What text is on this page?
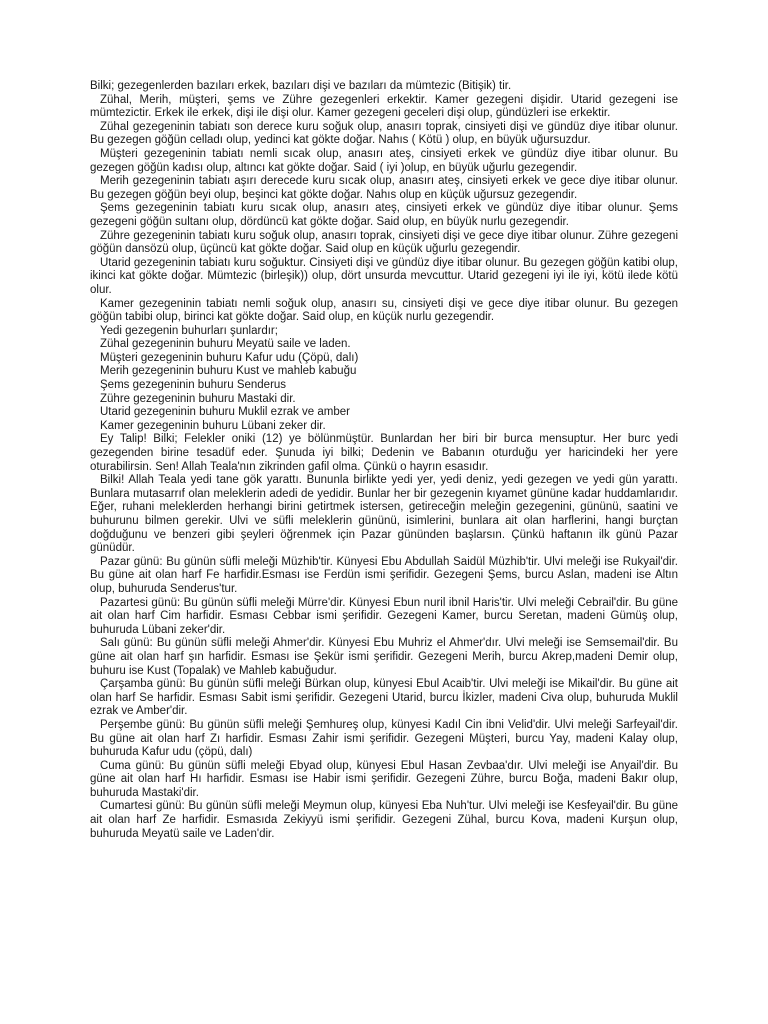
Bilki; gezegenlerden bazıları erkek, bazıları dişi ve bazıları da mümtezic (Bitişik) tir.

Zühal, Merih, müşteri, şems ve Zühre gezegenleri erkektir. Kamer gezegeni dişidir. Utarid gezegeni ise mümtezictir. Erkek ile erkek, dişi ile dişi olur. Kamer gezegeni geceleri dişi olup, gündüzleri ise erkektir.

Zühal gezegeninin tabiatı son derece kuru soğuk olup, anasırı toprak, cinsiyeti dişi ve gündüz diye itibar olunur. Bu gezegen göğün celladı olup, yedinci kat gökte doğar. Nahıs ( Kötü ) olup, en büyük uğursuzdur.

Müşteri gezegeninin tabiatı nemli sıcak olup, anasırı ateş, cinsiyeti erkek ve gündüz diye itibar olunur. Bu gezegen göğün kadısı olup, altıncı kat gökte doğar. Said ( iyi )olup, en büyük uğurlu gezegendir.

Merih gezegeninin tabiatı aşırı derecede kuru sıcak olup, anasırı ateş, cinsiyeti erkek ve gece diye itibar olunur. Bu gezegen göğün beyi olup, beşinci kat gökte doğar. Nahıs olup en küçük uğursuz gezegendir.

Şems gezegeninin tabiatı kuru sıcak olup, anasırı ateş, cinsiyeti erkek ve gündüz diye itibar olunur. Şems gezegeni göğün sultanı olup, dördüncü kat gökte doğar. Said olup, en büyük nurlu gezegendir.

Zühre gezegeninin tabiatı kuru soğuk olup, anasırı toprak, cinsiyeti dişi ve gece diye itibar olunur. Zühre gezegeni göğün dansözü olup, üçüncü kat gökte doğar. Said olup en küçük uğurlu gezegendir.

Utarid gezegeninin tabiatı kuru soğuktur. Cinsiyeti dişi ve gündüz diye itibar olunur. Bu gezegen göğün katibi olup, ikinci kat gökte doğar. Mümtezic (birleşik)) olup, dört unsurda mevcuttur. Utarid gezegeni iyi ile iyi, kötü ilede kötü olur.

Kamer gezegeninin tabiatı nemli soğuk olup, anasırı su, cinsiyeti dişi ve gece diye itibar olunur. Bu gezegen göğün tabibi olup, birinci kat gökte doğar. Said olup, en küçük nurlu gezegendir.

Yedi gezegenin buhurları şunlardır;

Zühal gezegeninin buhuru Meyatü saile ve laden.

Müşteri gezegeninin buhuru Kafur udu (Çöpü, dalı)

Merih gezegeninin buhuru Kust ve mahleb kabuğu

Şems gezegeninin buhuru Senderus

Zühre gezegeninin buhuru Mastaki dir.

Utarid gezegeninin buhuru Muklil ezrak ve amber

Kamer gezegeninin buhuru Lübani zeker dir.

Ey Talip! Bilki; Felekler oniki (12) ye bölünmüştür. Bunlardan her biri bir burca mensuptur. Her burc yedi gezegenden birine tesadüf eder. Şunuda iyi bilki; Dedenin ve Babanın oturduğu yer haricindeki her yere oturabilirsin. Sen! Allah Teala'nın zikrinden gafil olma. Çünkü o hayrın esasıdır.

Bilki! Allah Teala yedi tane gök yarattı. Bununla birlikte yedi yer, yedi deniz, yedi gezegen ve yedi gün yarattı. Bunlara mutasarrıf olan meleklerin adedi de yedidir. Bunlar her bir gezegenin kıyamet gününe kadar huddamlarıdır. Eğer, ruhani meleklerden herhangi birini getirtmek istersen, getireceğin meleğin gezegenini, gününü, saatini ve buhurunu bilmen gerekir. Ulvi ve süfli meleklerin gününü, isimlerini, bunlara ait olan harflerini, hangi burçtan doğduğunu ve benzeri gibi şeyleri öğrenmek için Pazar gününden başlarsın. Çünkü haftanın ilk günü Pazar günüdür.

Pazar günü: Bu günün süfli meleği Müzhib'tir. Künyesi Ebu Abdullah Saidül Müzhib'tir. Ulvi meleği ise Rukyail'dir. Bu güne ait olan harf Fe harfidir.Esması ise Ferdün ismi şerifidir. Gezegeni Şems, burcu Aslan, madeni ise Altın olup, buhuruda Senderus'tur.

Pazartesi günü: Bu günün süfli meleği Mürre'dir. Künyesi Ebun nuril ibnil Haris'tir. Ulvi meleği Cebrail'dir. Bu güne ait olan harf Cim harfidir. Esması Cebbar ismi şerifidir. Gezegeni Kamer, burcu Seretan, madeni Gümüş olup, buhuruda Lübani zeker'dir.

Salı günü: Bu günün süfli meleği Ahmer'dir. Künyesi Ebu Muhriz el Ahmer'dır. Ulvi meleği ise Semsemail'dir. Bu güne ait olan harf şın harfidir. Esması ise Şekür ismi şerifidir. Gezegeni Merih, burcu Akrep,madeni Demir olup, buhuru ise Kust (Topalak) ve Mahleb kabuğudur.

Çarşamba günü: Bu günün süfli meleği Bürkan olup, künyesi Ebul Acaib'tir. Ulvi meleği ise Mikail'dir. Bu güne ait olan harf Se harfidir. Esması Sabit ismi şerifidir. Gezegeni Utarid, burcu İkizler, madeni Civa olup, buhuruda Muklil ezrak ve Amber'dir.

Perşembe günü: Bu günün süfli meleği Şemhureş olup, künyesi Kadıl Cin ibni Velid'dir. Ulvi meleği Sarfeyail'dir. Bu güne ait olan harf Zı harfidir. Esması Zahir ismi şerifidir. Gezegeni Müşteri, burcu Yay, madeni Kalay olup, buhuruda Kafur udu (çöpü, dalı)

Cuma günü: Bu günün süfli meleği Ebyad olup, künyesi Ebul Hasan Zevbaa'dır. Ulvi meleği ise Anyail'dir. Bu güne ait olan harf Hı harfidir. Esması ise Habir ismi şerifidir. Gezegeni Zühre, burcu Boğa, madeni Bakır olup, buhuruda Mastaki'dir.

Cumartesi günü: Bu günün süfli meleği Meymun olup, künyesi Eba Nuh'tur. Ulvi meleği ise Kesfeyail'dir. Bu güne ait olan harf Ze harfidir. Esmasıda Zekiyyü ismi şerifidir. Gezegeni Zühal, burcu Kova, madeni Kurşun olup, buhuruda Meyatü saile ve Laden'dir.
